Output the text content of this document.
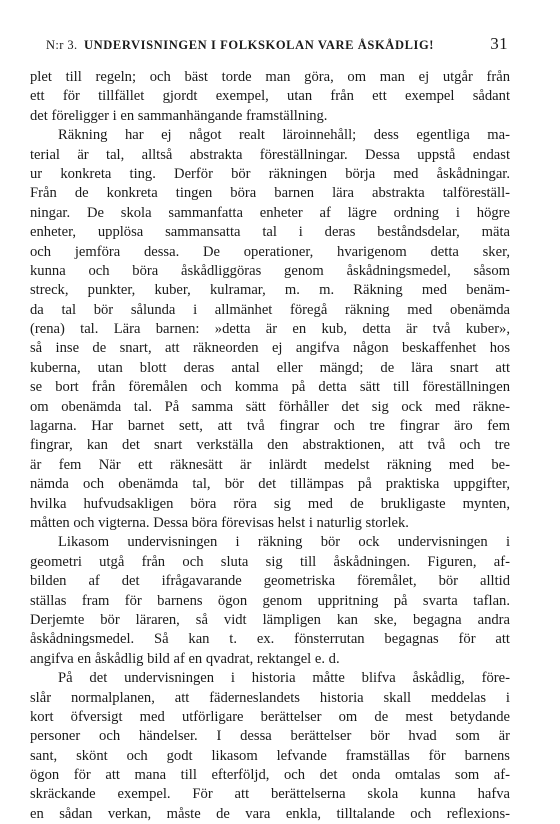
N:r 3. UNDERVISNINGEN I FOLKSKOLAN VARE ÅSKÅDLIG!	31
plet till regeln; och bäst torde man göra, om man ej utgår från
ett för tillfället gjordt exempel, utan från ett exempel sådant
det föreligger i en sammanhängande framställning.
Räkning har ej något realt läroinnehåll; dess egentliga ma-
terial är tal, alltså abstrakta föreställningar. Dessa uppstå endast
ur konkreta ting. Derför bör räkningen börja med åskådningar.
Från de konkreta tingen böra barnen lära abstrakta talföreställ-
ningar. De skola sammanfatta enheter af lägre ordning i högre
enheter, upplösa sammansatta tal i deras beståndsdelar, mäta
och jemföra dessa. De operationer, hvarigenom detta sker,
kunna och böra åskådliggöras genom åskådningsmedel, såsom
streck, punkter, kuber, kulramar, m. m. Räkning med benäm-
da tal bör sålunda i allmänhet föregå räkning med obenämda
(rena) tal. Lära barnen: »detta är en kub, detta är två kuber»,
så inse de snart, att räkneorden ej angifva någon beskaffenhet hos
kuberna, utan blott deras antal eller mängd; de lära snart att
se bort från föremålen och komma på detta sätt till föreställningen
om obenämda tal. På samma sätt förhåller det sig ock med räkne-
lagarna. Har barnet sett, att två fingrar och tre fingrar äro fem
fingrar, kan det snart verkställa den abstraktionen, att två och tre
är fem När ett räknesätt är inlärdt medelst räkning med be-
nämda och obenämda tal, bör det tillämpas på praktiska uppgifter,
hvilka hufvudsakligen böra röra sig med de brukligaste mynten,
måtten och vigterna. Dessa böra förevisas helst i naturlig storlek.
Likasom undervisningen i räkning bör ock undervisningen i
geometri utgå från och sluta sig till åskådningen. Figuren, af-
bilden af det ifrågavarande geometriska föremålet, bör alltid
ställas fram för barnens ögon genom uppritning på svarta taflan.
Derjemte bör läraren, så vidt lämpligen kan ske, begagna andra
åskådningsmedel. Så kan t. ex. fönsterrutan begagnas för att
angifva en åskådlig bild af en qvadrat, rektangel e. d.
På det undervisningen i historia måtte blifva åskådlig, före-
slår normalplanen, att fäderneslandets historia skall meddelas i
kort öfversigt med utförligare berättelser om de mest betydande
personer och händelser. I dessa berättelser bör hvad som är
sant, skönt och godt likasom lefvande framställas för barnens
ögon för att mana till efterföljd, och det onda omtalas som af-
skräckande exempel. För att berättelserna skola kunna hafva
en sådan verkan, måste de vara enkla, tilltalande och reflexions-
